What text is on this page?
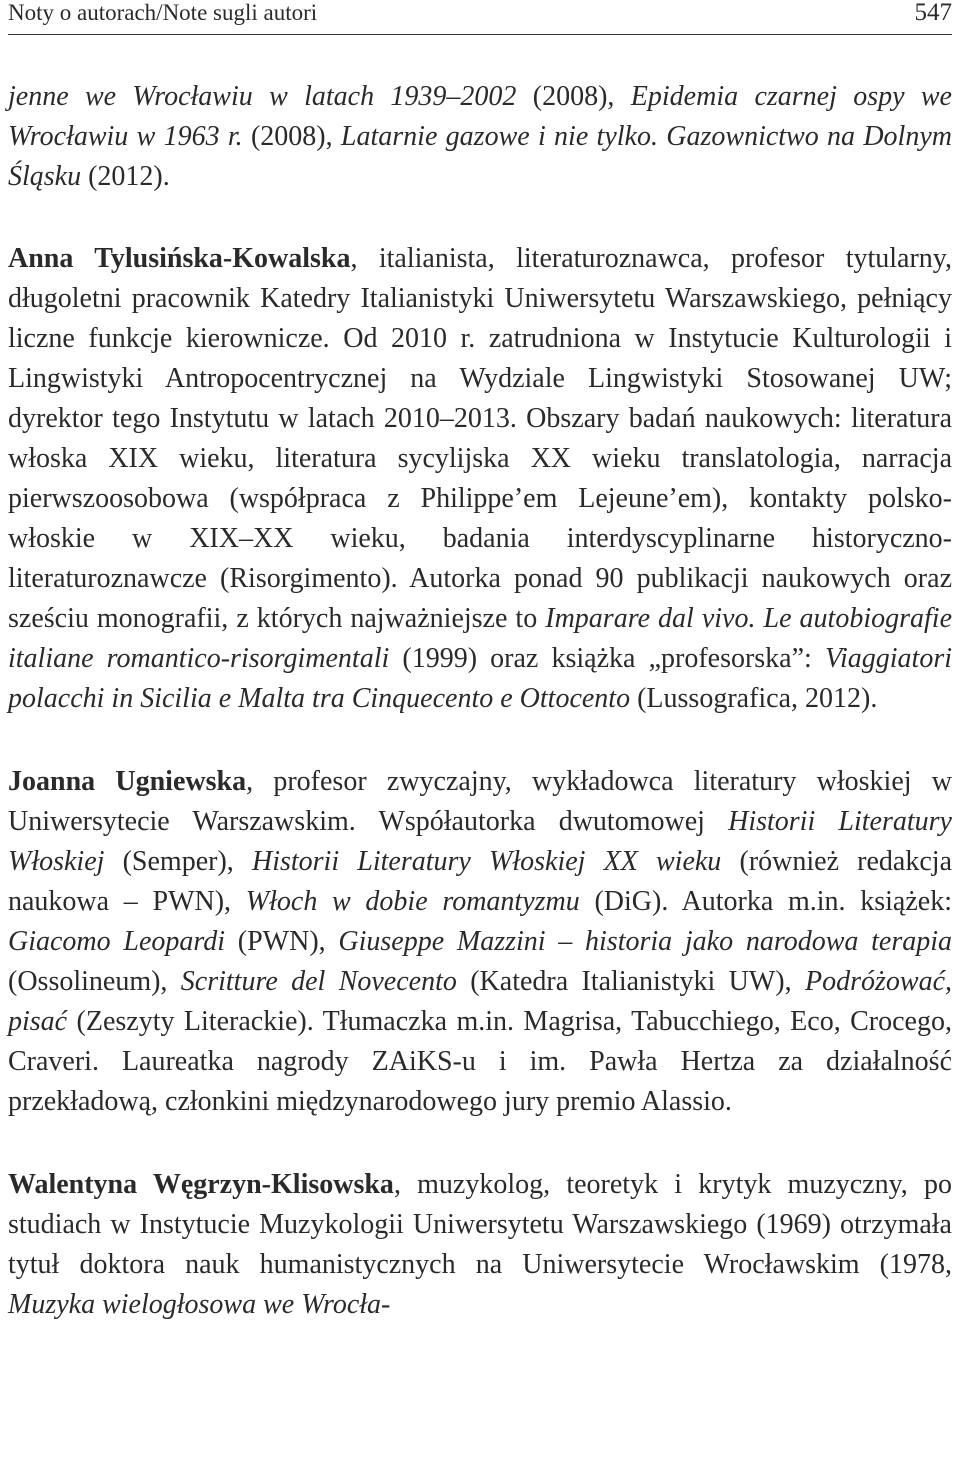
Noty o autorach/Note sugli autori	547

jenne we Wrocławiu w latach 1939–2002 (2008), Epidemia czarnej ospy we Wrocławiu w 1963 r. (2008), Latarnie gazowe i nie tylko. Gazownictwo na Dolnym Śląsku (2012).

Anna Tylusińska-Kowalska, italianista, literaturoznawca, profesor tytularny, długoletni pracownik Katedry Italianistyki Uniwersytetu Warszawskiego, pełniący liczne funkcje kierownicze. Od 2010 r. zatrudniona w Instytucie Kulturologii i Lingwistyki Antropocentrycznej na Wydziale Lingwistyki Stosowanej UW; dyrektor tego Instytutu w latach 2010–2013. Obszary badań naukowych: literatura włoska XIX wieku, literatura sycylijska XX wieku translatologia, narracja pierwszoosobowa (współpraca z Philippe’em Lejeune’em), kontakty polsko-włoskie w XIX–XX wieku, badania interdyscyplinarne historyczno-literaturoznawcze (Risorgimento). Autorka ponad 90 publikacji naukowych oraz sześciu monografii, z których najważniejsze to Imparare dal vivo. Le autobiografie italiane romantico-risorgimentali (1999) oraz książka „profesorska”: Viaggiatori polacchi in Sicilia e Malta tra Cinquecento e Ottocento (Lussografica, 2012).

Joanna Ugniewska, profesor zwyczajny, wykładowca literatury włoskiej w Uniwersytecie Warszawskim. Współautorka dwutomowej Historii Literatury Włoskiej (Semper), Historii Literatury Włoskiej XX wieku (również redakcja naukowa – PWN), Włoch w dobie romantyzmu (DiG). Autorka m.in. książek: Giacomo Leopardi (PWN), Giuseppe Mazzini – historia jako narodowa terapia (Ossolineum), Scritture del Novecento (Katedra Italianistyki UW), Podróżować, pisać (Zeszyty Literackie). Tłumaczka m.in. Magrisa, Tabucchiego, Eco, Crocego, Craveri. Laureatka nagrody ZAiKS-u i im. Pawła Hertza za działalność przekładową, członkini międzynarodowego jury premio Alassio.

Walentyna Węgrzyn-Klisowska, muzykolog, teoretyk i krytyk muzyczny, po studiach w Instytucie Muzykologii Uniwersytetu Warszawskiego (1969) otrzymała tytuł doktora nauk humanistycznych na Uniwersytecie Wrocławskim (1978, Muzyka wielogłosowa we Wrocła-
